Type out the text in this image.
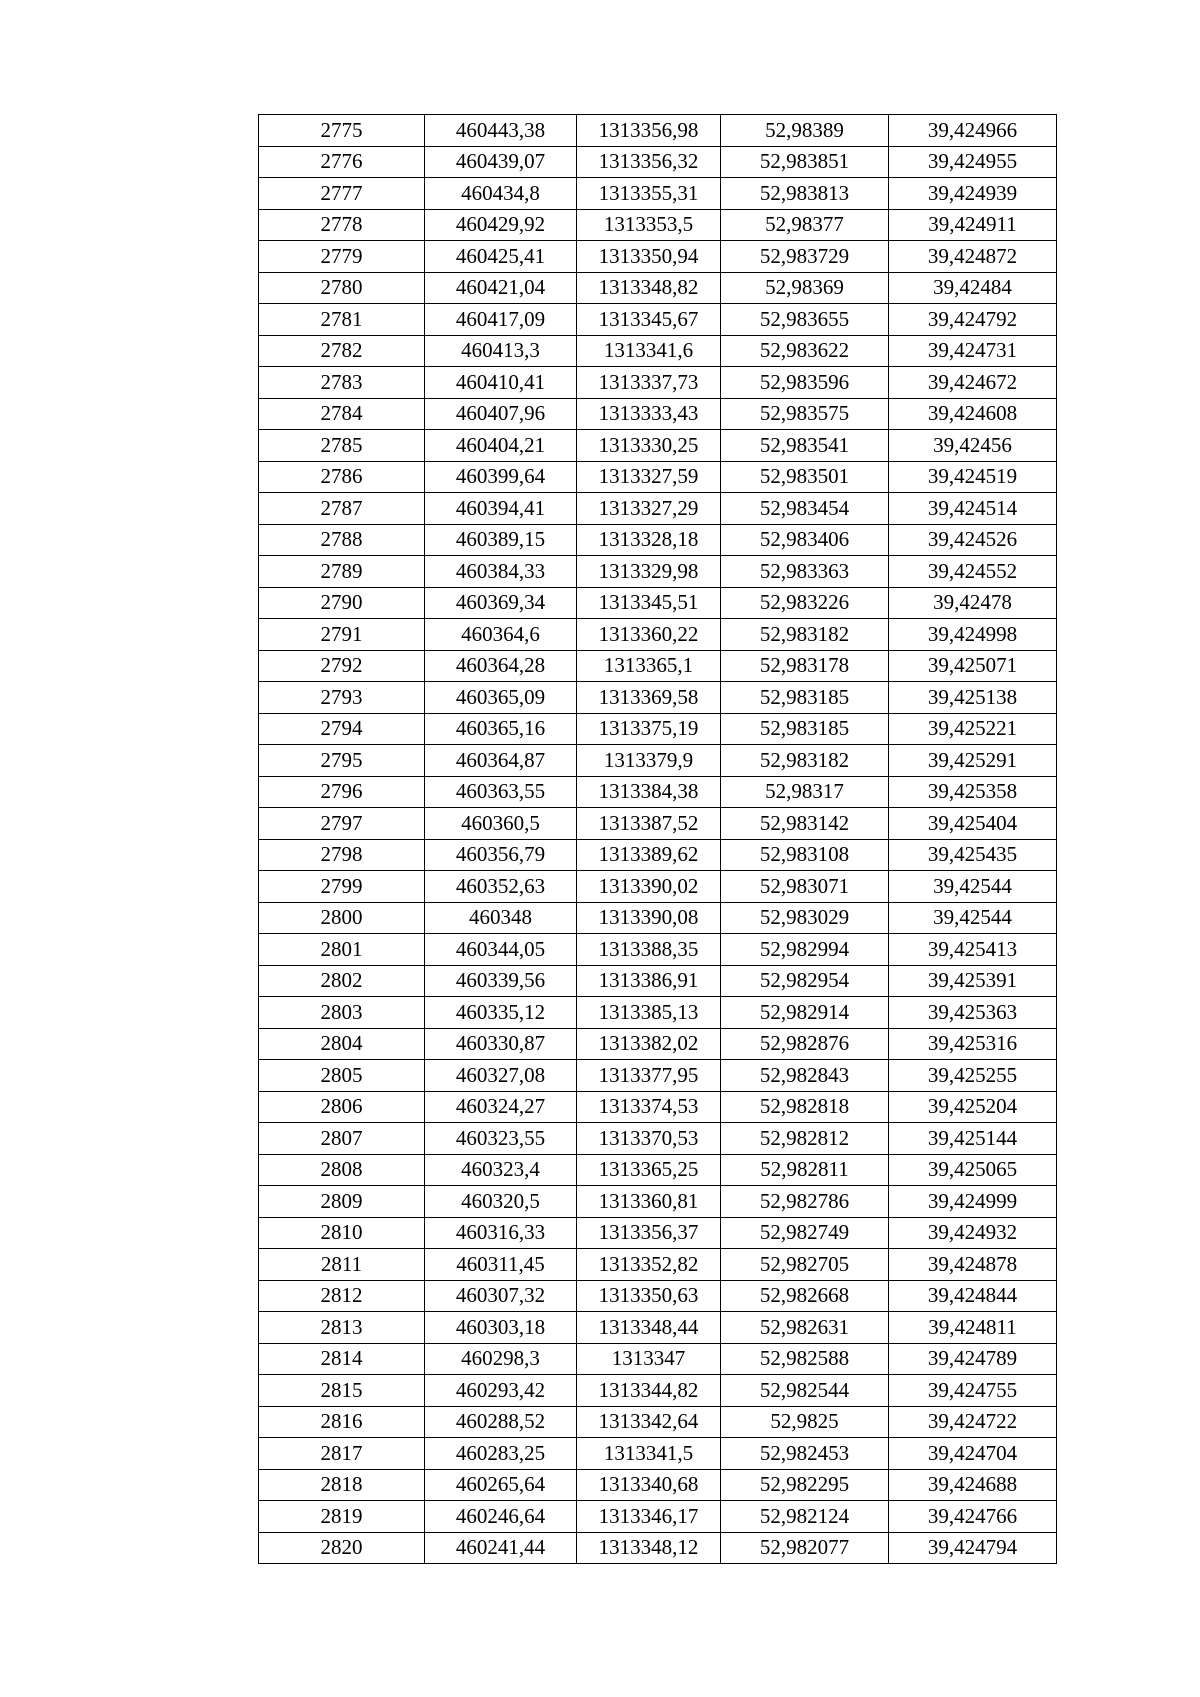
2775	460443,38	1313356,98	52,98389	39,424966
2776	460439,07	1313356,32	52,983851	39,424955
2777	460434,8	1313355,31	52,983813	39,424939
2778	460429,92	1313353,5	52,98377	39,424911
2779	460425,41	1313350,94	52,983729	39,424872
2780	460421,04	1313348,82	52,98369	39,42484
2781	460417,09	1313345,67	52,983655	39,424792
2782	460413,3	1313341,6	52,983622	39,424731
2783	460410,41	1313337,73	52,983596	39,424672
2784	460407,96	1313333,43	52,983575	39,424608
2785	460404,21	1313330,25	52,983541	39,42456
2786	460399,64	1313327,59	52,983501	39,424519
2787	460394,41	1313327,29	52,983454	39,424514
2788	460389,15	1313328,18	52,983406	39,424526
2789	460384,33	1313329,98	52,983363	39,424552
2790	460369,34	1313345,51	52,983226	39,42478
2791	460364,6	1313360,22	52,983182	39,424998
2792	460364,28	1313365,1	52,983178	39,425071
2793	460365,09	1313369,58	52,983185	39,425138
2794	460365,16	1313375,19	52,983185	39,425221
2795	460364,87	1313379,9	52,983182	39,425291
2796	460363,55	1313384,38	52,98317	39,425358
2797	460360,5	1313387,52	52,983142	39,425404
2798	460356,79	1313389,62	52,983108	39,425435
2799	460352,63	1313390,02	52,983071	39,42544
2800	460348	1313390,08	52,983029	39,42544
2801	460344,05	1313388,35	52,982994	39,425413
2802	460339,56	1313386,91	52,982954	39,425391
2803	460335,12	1313385,13	52,982914	39,425363
2804	460330,87	1313382,02	52,982876	39,425316
2805	460327,08	1313377,95	52,982843	39,425255
2806	460324,27	1313374,53	52,982818	39,425204
2807	460323,55	1313370,53	52,982812	39,425144
2808	460323,4	1313365,25	52,982811	39,425065
2809	460320,5	1313360,81	52,982786	39,424999
2810	460316,33	1313356,37	52,982749	39,424932
2811	460311,45	1313352,82	52,982705	39,424878
2812	460307,32	1313350,63	52,982668	39,424844
2813	460303,18	1313348,44	52,982631	39,424811
2814	460298,3	1313347	52,982588	39,424789
2815	460293,42	1313344,82	52,982544	39,424755
2816	460288,52	1313342,64	52,9825	39,424722
2817	460283,25	1313341,5	52,982453	39,424704
2818	460265,64	1313340,68	52,982295	39,424688
2819	460246,64	1313346,17	52,982124	39,424766
2820	460241,44	1313348,12	52,982077	39,424794
